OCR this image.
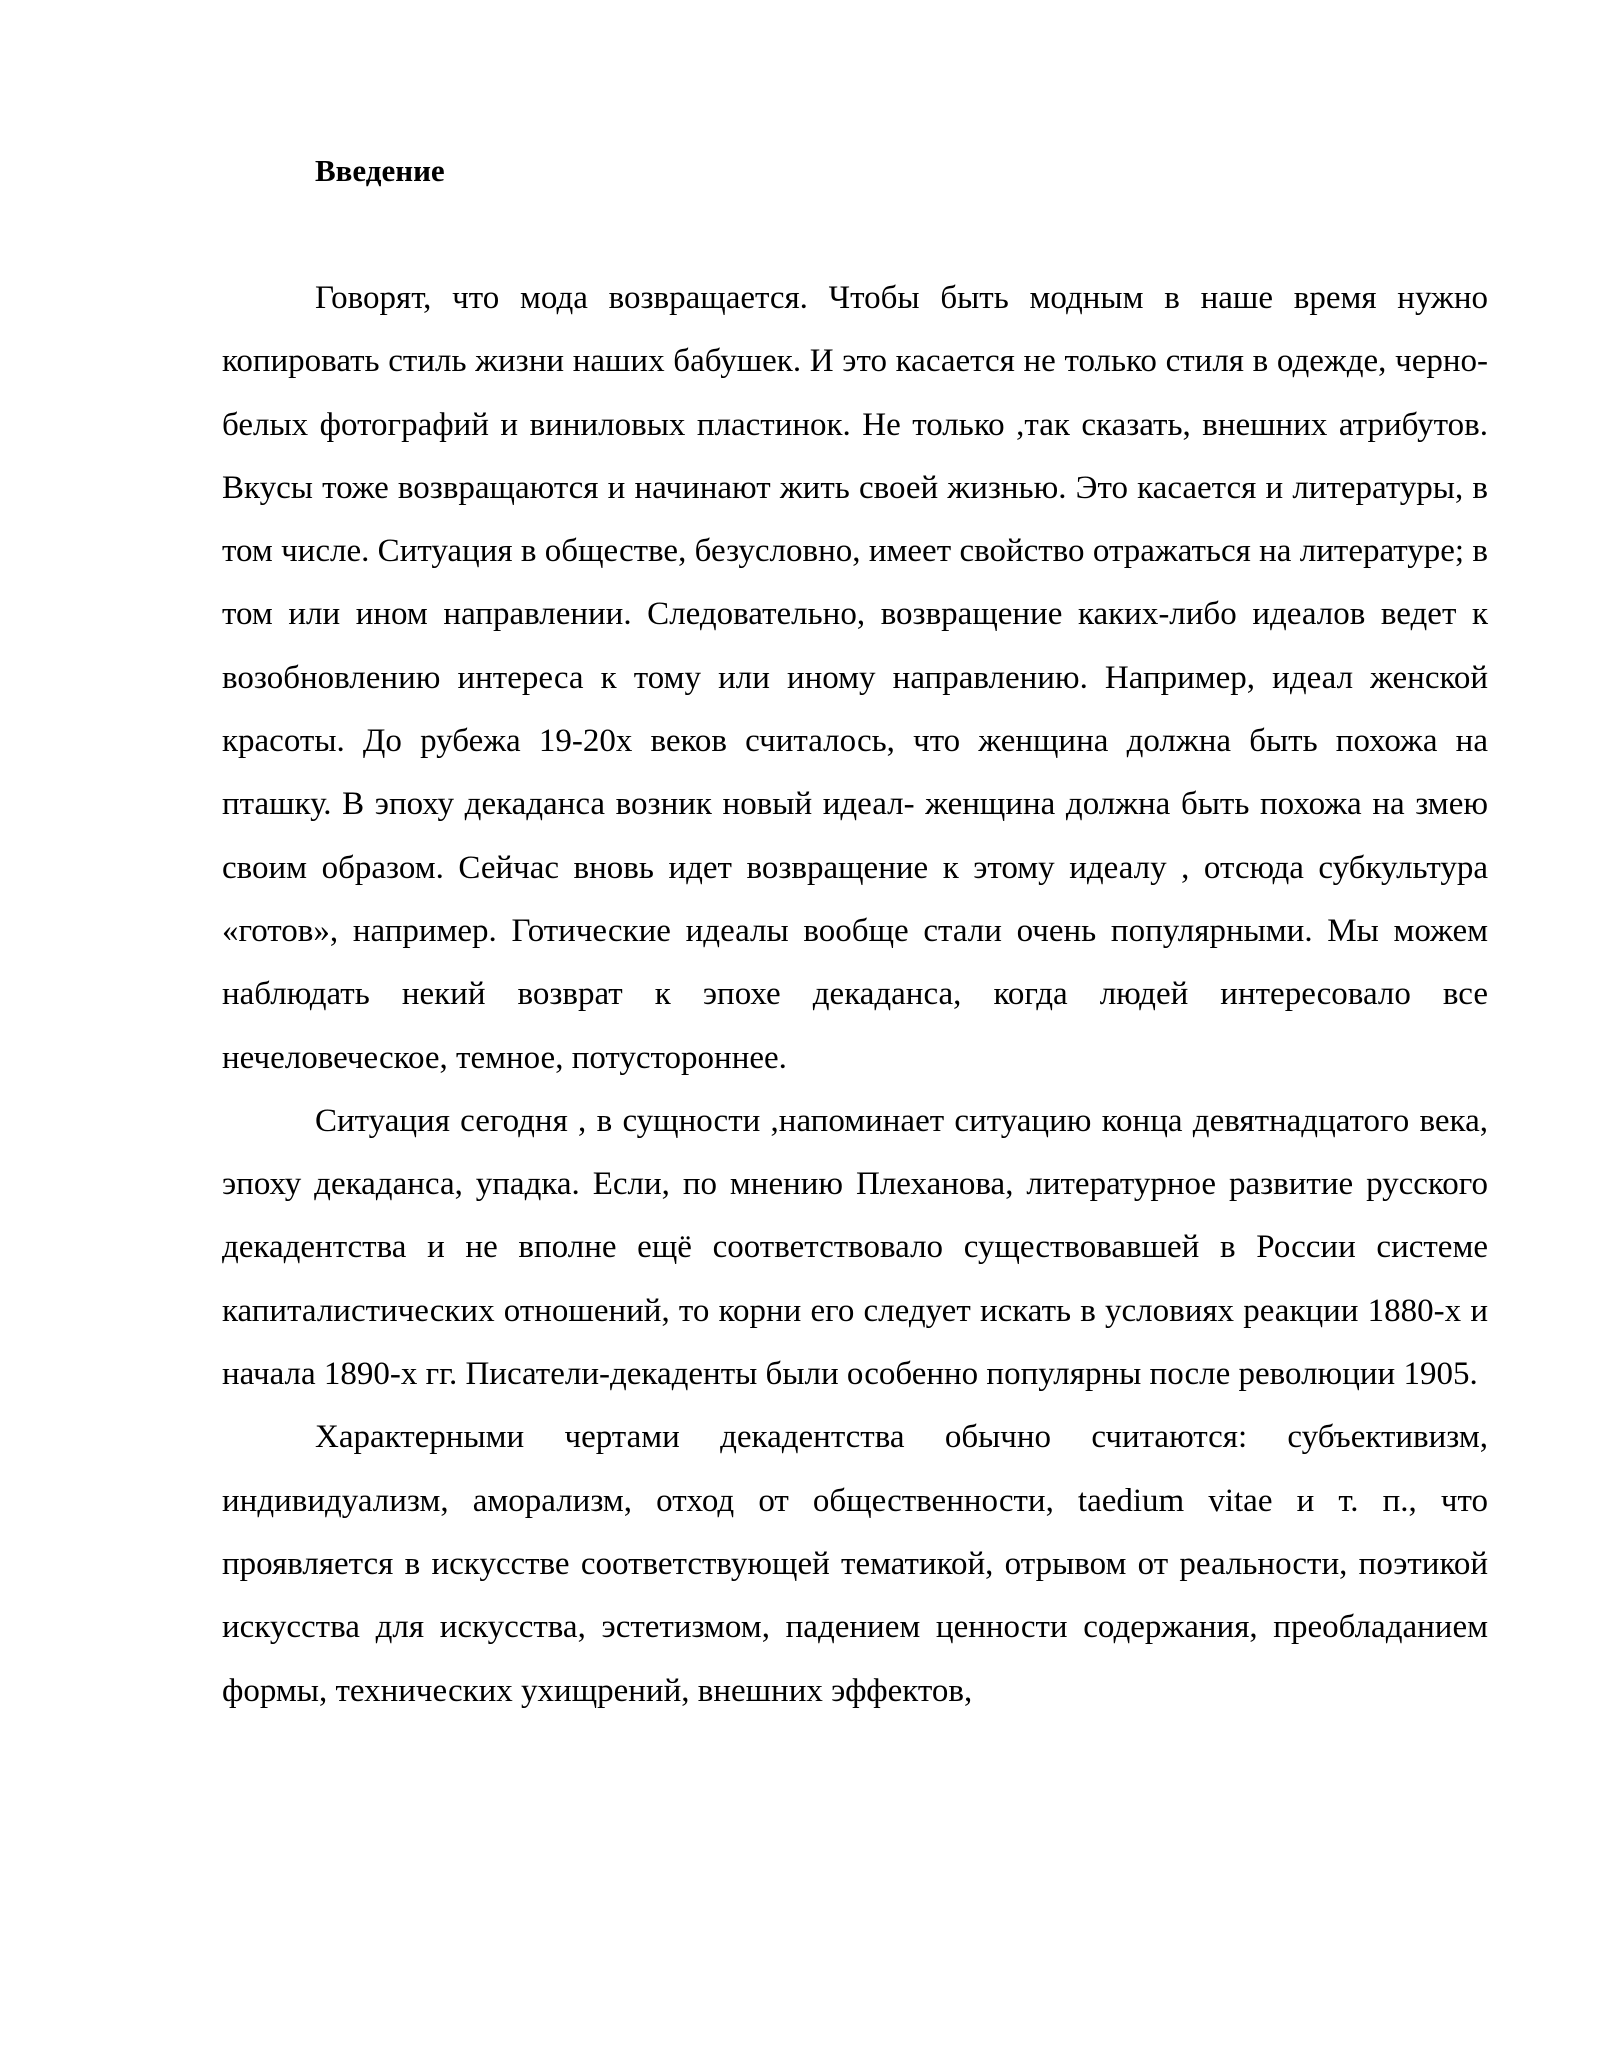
Введение

Говорят, что мода возвращается. Чтобы быть модным в наше время нужно копировать стиль жизни наших бабушек. И это касается не только стиля в одежде, черно-белых фотографий и виниловых пластинок. Не только ,так сказать, внешних атрибутов. Вкусы тоже возвращаются и начинают жить своей жизнью. Это касается и литературы, в том числе. Ситуация в обществе, безусловно, имеет свойство отражаться на литературе; в том или ином направлении. Следовательно, возвращение каких-либо идеалов ведет к возобновлению интереса к тому или иному направлению. Например, идеал женской красоты. До рубежа 19-20х веков считалось, что женщина должна быть похожа на пташку. В эпоху декаданса возник новый идеал- женщина должна быть похожа на змею своим образом. Сейчас вновь идет возвращение к этому идеалу , отсюда субкультура «готов», например. Готические идеалы вообще стали очень популярными. Мы можем наблюдать некий возврат к эпохе декаданса, когда людей интересовало все нечеловеческое, темное, потустороннее.

Ситуация сегодня , в сущности ,напоминает ситуацию конца девятнадцатого века, эпоху декаданса, упадка. Если, по мнению Плеханова, литературное развитие русского декадентства и не вполне ещё соответствовало существовавшей в России системе капиталистических отношений, то корни его следует искать в условиях реакции 1880-х и начала 1890-х гг. Писатели-декаденты были особенно популярны после революции 1905.

Характерными чертами декадентства обычно считаются: субъективизм, индивидуализм, аморализм, отход от общественности, taedium vitae и т. п., что проявляется в искусстве соответствующей тематикой, отрывом от реальности, поэтикой искусства для искусства, эстетизмом, падением ценности содержания, преобладанием формы, технических ухищрений, внешних эффектов,
